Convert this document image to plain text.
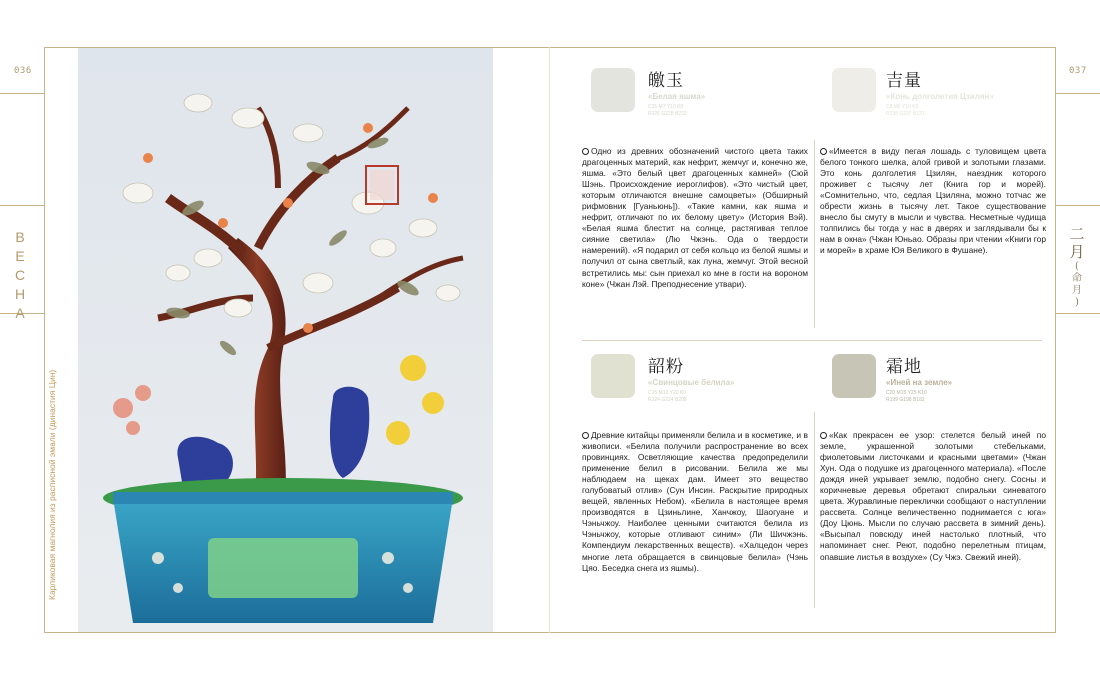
036	037
В
Е
С
Н
А
二
月
(
命
月
)
Карликовая магнолия из расписной эмали (династия Цин)
皦玉
«Белая яшма»
C15 M7 Y10 K0
R226 G228 B222
Одно из древних обозначений чистого цвета таких драгоценных материй, как нефрит, жемчуг и, конечно же, яшма. «Это белый цвет драгоценных камней» (Сюй Шэнь. Происхождение иероглифов). «Это чистый цвет, которым отличаются внешне самоцветы» (Обширный рифмовник [Гуаньюнь]). «Такие камни, как яшма и нефрит, отличают по их белому цвету» (История Вэй). «Белая яшма блестит на солнце, растягивая теплое сияние светила» (Лю Чжэнь. Ода о твердости намерений). «Я подарил от себя кольцо из белой яшмы и получил от сына светлый, как луна, жемчуг. Этой весной встретились мы: сын приехал ко мне в гости на вороном коне» (Чжан Лэй. Преподнесение утвари).
吉量
«Конь долголетия Цзилян»
C8 M6 Y10 K0
R238 G237 B231
«Имеется в виду пегая лошадь с туловищем цвета белого тонкого шелка, алой гривой и золотыми глазами. Это конь долголетия Цзилян, наездник которого проживет с тысячу лет (Книга гор и морей). «Сомнительно, что, седлая Цзиляна, можно тотчас же обрести жизнь в тысячу лет. Такое существование внесло бы смуту в мысли и чувства. Несметные чудища толпились бы тогда у нас в дверях и заглядывали бы к нам в окна» (Чжан Юньао. Образы при чтении «Книги гор и морей» в храме Юя Великого в Фушане).
韶粉
«Свинцовые белила»
C15 M10 Y20 K0
R224 G224 B208
Древние китайцы применяли белила и в косметике, и в живописи. «Белила получили распространение во всех провинциях. Осветляющие качества предопределили применение белил в рисовании. Белила же мы наблюдаем на щеках дам. Имеет это вещество голубоватый отлив» (Сун Инсин. Раскрытие природных вещей, явленных Небом). «Белила в настоящее время производятся в Цзиньлине, Ханчжоу, Шаогуане и Чэньчжоу. Наиболее ценными считаются белила из Чэньчжоу, которые отливают синим» (Ли Шичжэнь. Компендиум лекарственных веществ). «Халцедон через многие лета обращается в свинцовые белила» (Чэнь Цяо. Беседка снега из яшмы).
霜地
«Иней на земле»
C20 M15 Y25 K10
R199 G198 B182
«Как прекрасен ее узор: стелется белый иней по земле, украшенной золотыми стебельками, фиолетовыми листочками и красными цветами» (Чжан Хун. Ода о подушке из драгоценного материала). «После дождя иней укрывает землю, подобно снегу. Сосны и коричневые деревья обретают спиральки синеватого цвета. Журавлиные переклички сообщают о наступлении рассвета. Солнце величественно поднимается с юга» (Доу Цюнь. Мысли по случаю рассвета в зимний день). «Высыпал повсюду иней настолько плотный, что напоминает снег. Реют, подобно перелетным птицам, опавшие листья в воздухе» (Су Чжэ. Свежий иней).
